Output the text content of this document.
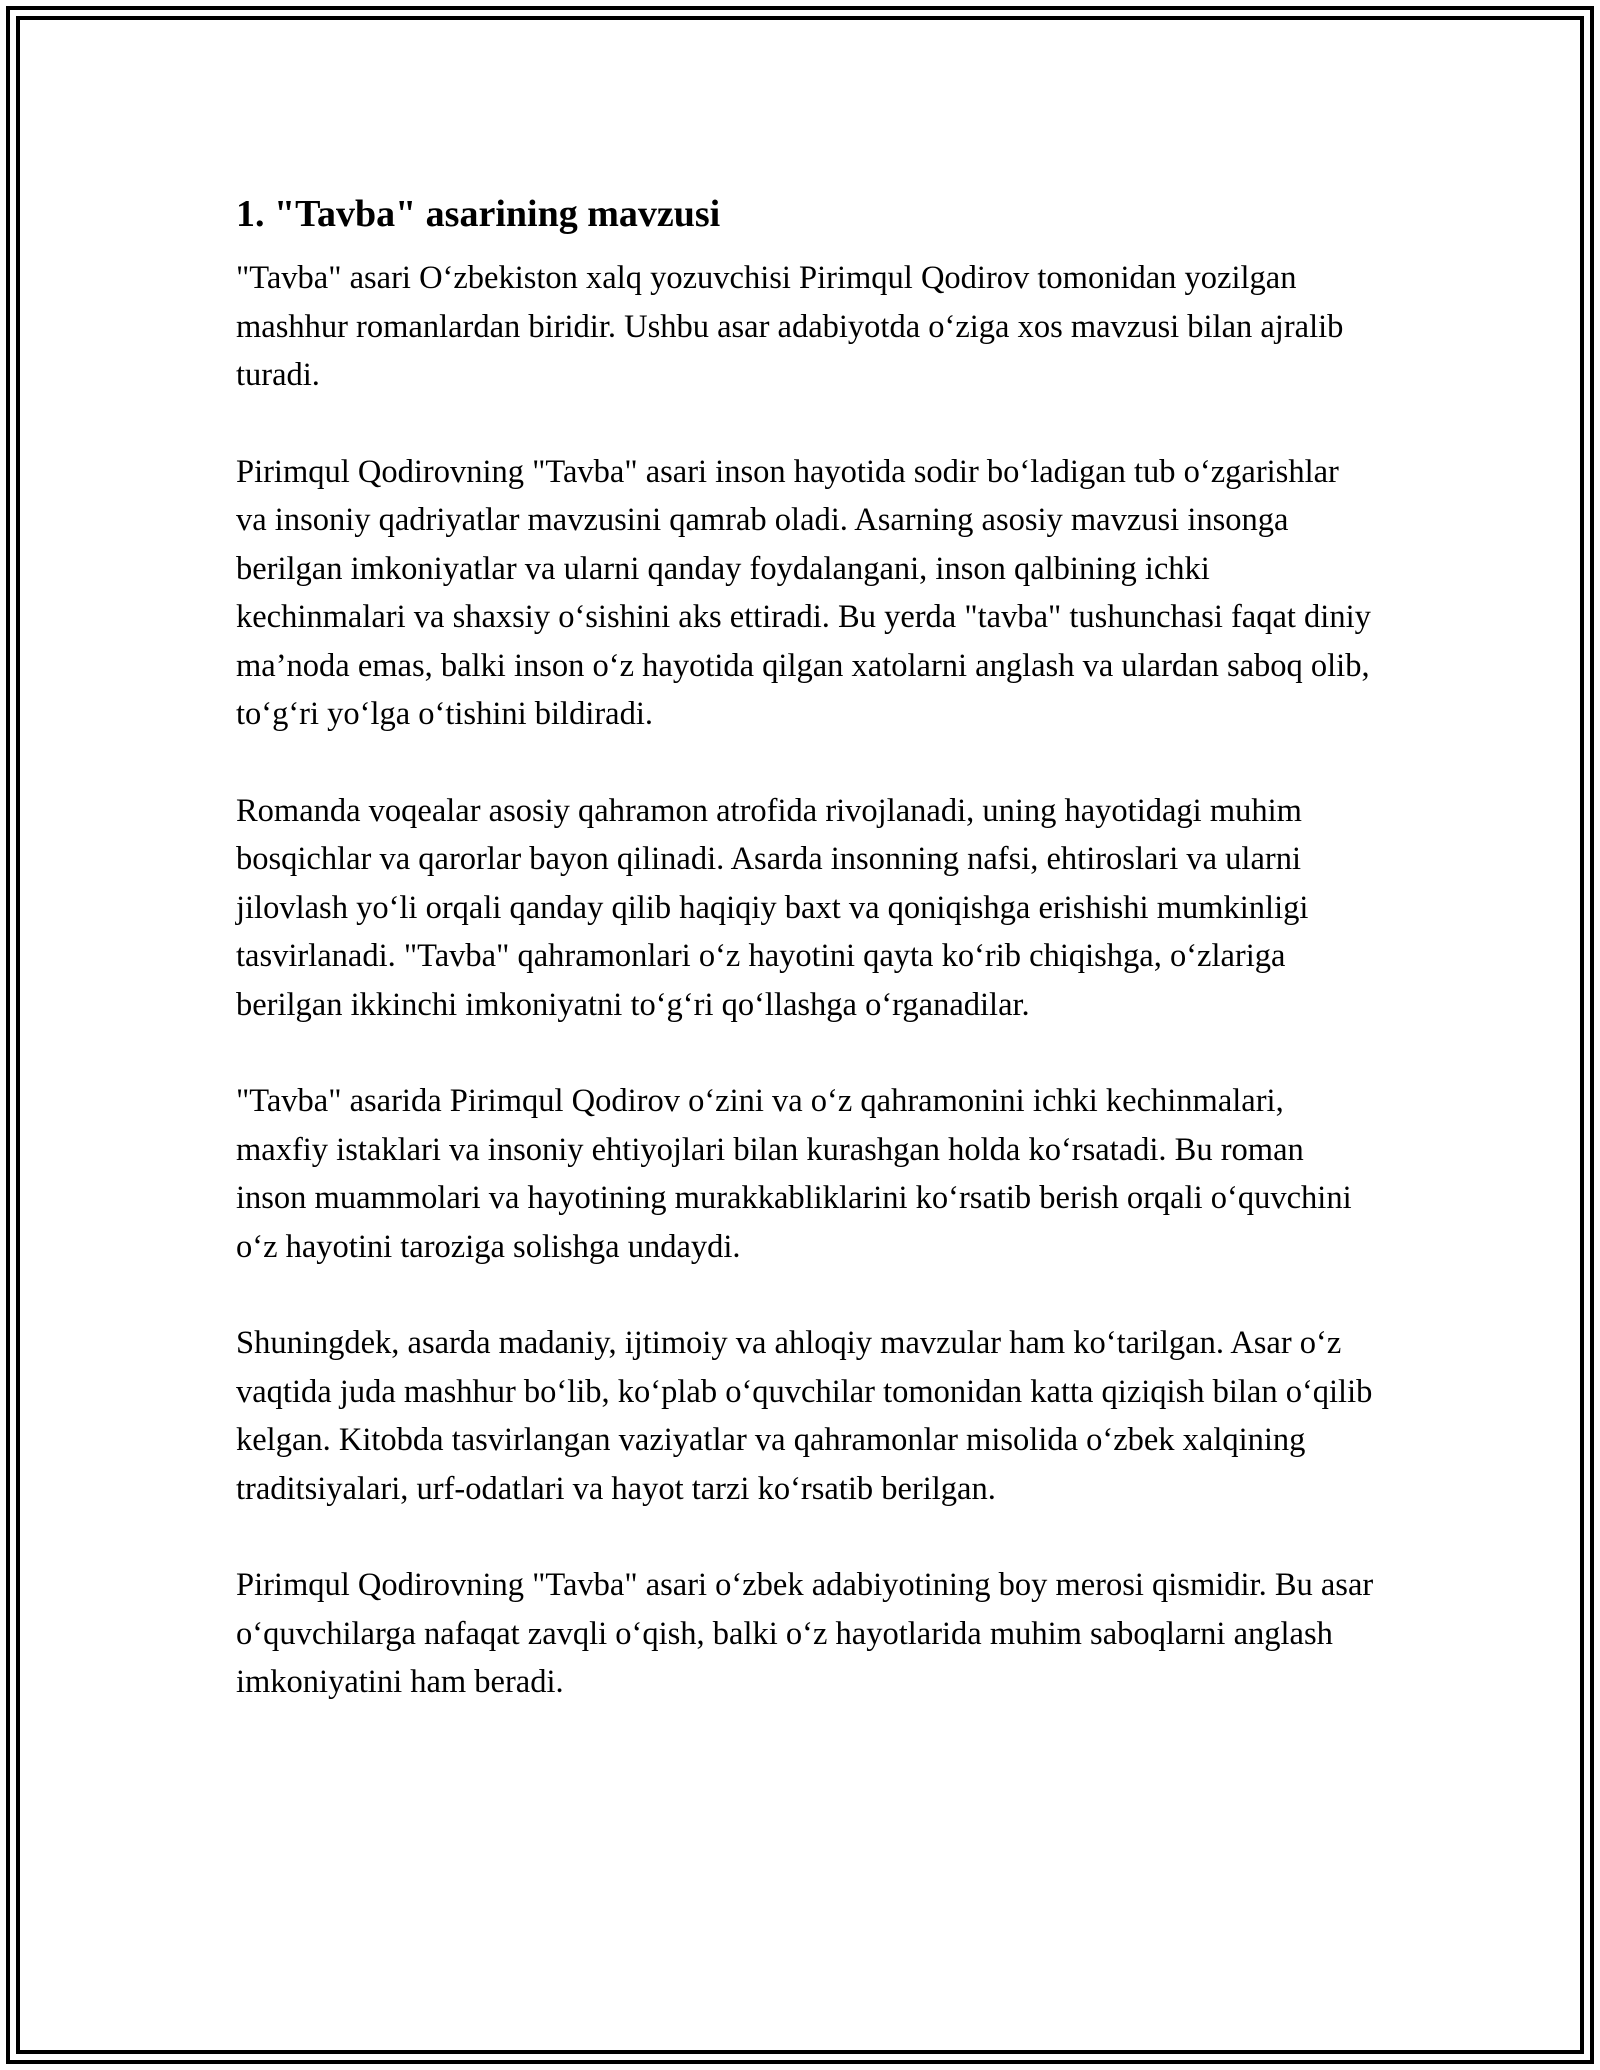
1. "Tavba" asarining mavzusi

"Tavba" asari O‘zbekiston xalq yozuvchisi Pirimqul Qodirov tomonidan yozilgan mashhur romanlardan biridir. Ushbu asar adabiyotda o‘ziga xos mavzusi bilan ajralib turadi.

Pirimqul Qodirovning "Tavba" asari inson hayotida sodir bo‘ladigan tub o‘zgarishlar va insoniy qadriyatlar mavzusini qamrab oladi. Asarning asosiy mavzusi insonga berilgan imkoniyatlar va ularni qanday foydalangani, inson qalbining ichki kechinmalari va shaxsiy o‘sishini aks ettiradi. Bu yerda "tavba" tushunchasi faqat diniy ma’noda emas, balki inson o‘z hayotida qilgan xatolarni anglash va ulardan saboq olib, to‘g‘ri yo‘lga o‘tishini bildiradi.

Romanda voqealar asosiy qahramon atrofida rivojlanadi, uning hayotidagi muhim bosqichlar va qarorlar bayon qilinadi. Asarda insonning nafsi, ehtiroslari va ularni jilovlash yo‘li orqali qanday qilib haqiqiy baxt va qoniqishga erishishi mumkinligi tasvirlanadi. "Tavba" qahramonlari o‘z hayotini qayta ko‘rib chiqishga, o‘zlariga berilgan ikkinchi imkoniyatni to‘g‘ri qo‘llashga o‘rganadilar.

"Tavba" asarida Pirimqul Qodirov o‘zini va o‘z qahramonini ichki kechinmalari, maxfiy istaklari va insoniy ehtiyojlari bilan kurashgan holda ko‘rsatadi. Bu roman inson muammolari va hayotining murakkabliklarini ko‘rsatib berish orqali o‘quvchini o‘z hayotini taroziga solishga undaydi.

Shuningdek, asarda madaniy, ijtimoiy va ahloqiy mavzular ham ko‘tarilgan. Asar o‘z vaqtida juda mashhur bo‘lib, ko‘plab o‘quvchilar tomonidan katta qiziqish bilan o‘qilib kelgan. Kitobda tasvirlangan vaziyatlar va qahramonlar misolida o‘zbek xalqining traditsiyalari, urf-odatlari va hayot tarzi ko‘rsatib berilgan.

Pirimqul Qodirovning "Tavba" asari o‘zbek adabiyotining boy merosi qismidir. Bu asar o‘quvchilarga nafaqat zavqli o‘qish, balki o‘z hayotlarida muhim saboqlarni anglash imkoniyatini ham beradi.
